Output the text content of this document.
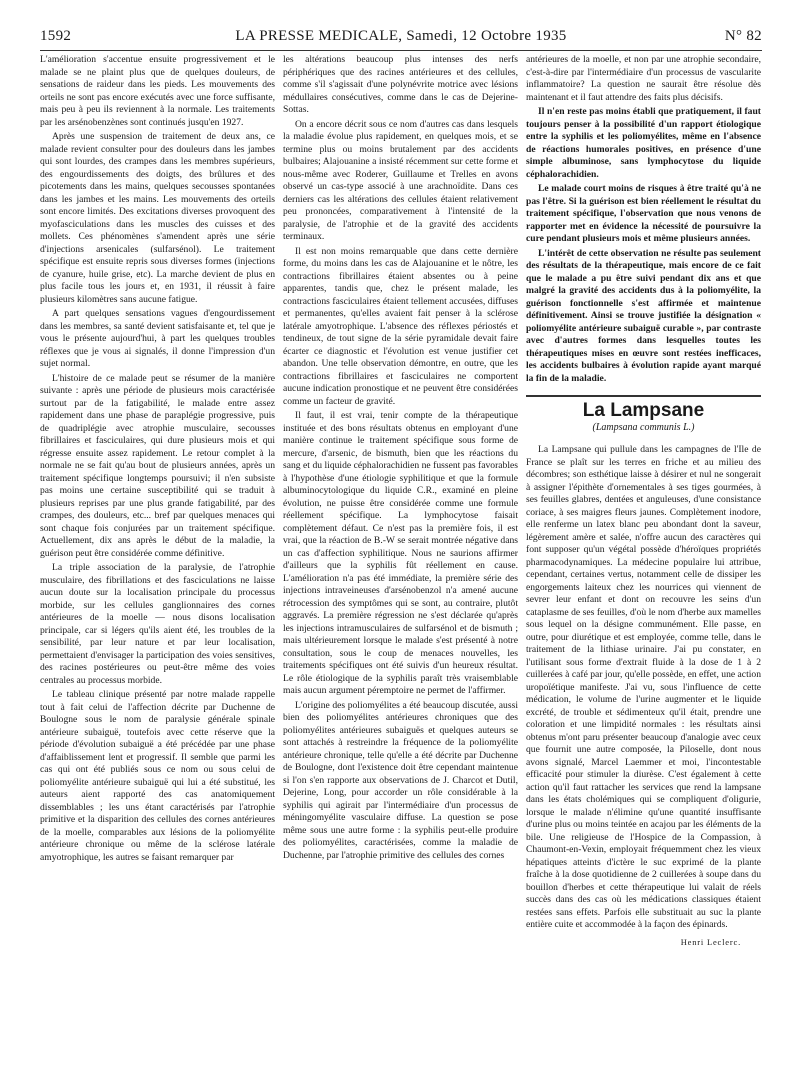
1592	LA PRESSE MEDICALE, Samedi, 12 Octobre 1935	N° 82

L'amélioration s'accentue ensuite progressivement et le malade se ne plaint plus que de quelques douleurs, de sensations de raideur dans les pieds. Les mouvements des orteils ne sont pas encore exécutés avec une force suffisante, mais peu à peu ils reviennent à la normale. Les traitements par les arsénobenzènes sont continués jusqu'en 1927.

Après une suspension de traitement de deux ans, ce malade revient consulter pour des douleurs dans les jambes qui sont lourdes, des crampes dans les membres supérieurs, des engourdissements des doigts, des brûlures et des picotements dans les mains, quelques secousses spontanées dans les jambes et les mains. Les mouvements des orteils sont encore limités. Des excitations diverses provoquent des myofasciculations dans les muscles des cuisses et des mollets. Ces phénomènes s'amendent après une série d'injections arsenicales (sulfarsénol). Le traitement spécifique est ensuite repris sous diverses formes (injections de cyanure, huile grise, etc). La marche devient de plus en plus facile tous les jours et, en 1931, il réussit à faire plusieurs kilomètres sans aucune fatigue.

A part quelques sensations vagues d'engourdissement dans les membres, sa santé devient satisfaisante et, tel que je vous le présente aujourd'hui, à part les quelques troubles réflexes que je vous ai signalés, il donne l'impression d'un sujet normal.

L'histoire de ce malade peut se résumer de la manière suivante : après une période de plusieurs mois caractérisée surtout par de la fatigabilité, le malade entre assez rapidement dans une phase de paraplégie progressive, puis de quadriplégie avec atrophie musculaire, secousses fibrillaires et fasciculaires, qui dure plusieurs mois et qui régresse ensuite assez rapidement. Le retour complet à la normale ne se fait qu'au bout de plusieurs années, après un traitement spécifique longtemps poursuivi; il n'en subsiste pas moins une certaine susceptibilité qui se traduit à plusieurs reprises par une plus grande fatigabilité, par des crampes, des douleurs, etc... bref par quelques menaces qui sont chaque fois conjurées par un traitement spécifique. Actuellement, dix ans après le début de la maladie, la guérison peut être considérée comme définitive.

La triple association de la paralysie, de l'atrophie musculaire, des fibrillations et des fasciculations ne laisse aucun doute sur la localisation principale du processus morbide, sur les cellules ganglionnaires des cornes antérieures de la moelle — nous disons localisation principale, car si légers qu'ils aient été, les troubles de la sensibilité, par leur nature et par leur localisation, permettaient d'envisager la participation des voies sensitives, des racines postérieures ou peut-être même des voies centrales au processus morbide.

Le tableau clinique présenté par notre malade rappelle tout à fait celui de l'affection décrite par Duchenne de Boulogne sous le nom de paralysie générale spinale antérieure subaiguë, toutefois avec cette réserve que la période d'évolution subaiguë a été précédée par une phase d'affaiblissement lent et progressif. Il semble que parmi les cas qui ont été publiés sous ce nom ou sous celui de poliomyélite antérieure subaiguë qui lui a été substitué, les auteurs aient rapporté des cas anatomiquement dissemblables ; les uns étant caractérisés par l'atrophie primitive et la disparition des cellules des cornes antérieures de la moelle, comparables aux lésions de la poliomyélite antérieure chronique ou même de la sclérose latérale amyotrophique, les autres se faisant remarquer par

les altérations beaucoup plus intenses des nerfs périphériques que des racines antérieures et des cellules, comme s'il s'agissait d'une polynévrite motrice avec lésions médullaires consécutives, comme dans le cas de Dejerine-Sottas.

On a encore décrit sous ce nom d'autres cas dans lesquels la maladie évolue plus rapidement, en quelques mois, et se termine plus ou moins brutalement par des accidents bulbaires; Alajouanine a insisté récemment sur cette forme et nous-même avec Roderer, Guillaume et Trelles en avons observé un cas-type associé à une arachnoïdite. Dans ces derniers cas les altérations des cellules étaient relativement peu prononcées, comparativement à l'intensité de la paralysie, de l'atrophie et de la gravité des accidents terminaux.

Il est non moins remarquable que dans cette dernière forme, du moins dans les cas de Alajouanine et le nôtre, les contractions fibrillaires étaient absentes ou à peine apparentes, tandis que, chez le présent malade, les contractions fasciculaires étaient tellement accusées, diffuses et permanentes, qu'elles avaient fait penser à la sclérose latérale amyotrophique. L'absence des réflexes périostés et tendineux, de tout signe de la série pyramidale devait faire écarter ce diagnostic et l'évolution est venue justifier cet abandon. Une telle observation démontre, en outre, que les contractions fibrillaires et fasciculaires ne comportent aucune indication pronostique et ne peuvent être considérées comme un facteur de gravité.

Il faut, il est vrai, tenir compte de la thérapeutique instituée et des bons résultats obtenus en employant d'une manière continue le traitement spécifique sous forme de mercure, d'arsenic, de bismuth, bien que les réactions du sang et du liquide céphalorachidien ne fussent pas favorables à l'hypothèse d'une étiologie syphilitique et que la formule albuminocytologique du liquide C.R., examiné en pleine évolution, ne puisse être considérée comme une formule réellement spécifique. La lymphocytose faisait complètement défaut. Ce n'est pas la première fois, il est vrai, que la réaction de B.-W se serait montrée négative dans un cas d'affection syphilitique. Nous ne saurions affirmer d'ailleurs que la syphilis fût réellement en cause. L'amélioration n'a pas été immédiate, la première série des injections intraveineuses d'arsénobenzol n'a amené aucune rétrocession des symptômes qui se sont, au contraire, plutôt aggravés. La première régression ne s'est déclarée qu'après les injections intramusculaires de sulfarsénol et de bismuth ; mais ultérieurement lorsque le malade s'est présenté à notre consultation, sous le coup de menaces nouvelles, les traitements spécifiques ont été suivis d'un heureux résultat. Le rôle étiologique de la syphilis paraît très vraisemblable mais aucun argument péremptoire ne permet de l'affirmer.

L'origine des poliomyélites a été beaucoup discutée, aussi bien des poliomyélites antérieures chroniques que des poliomyélites antérieures subaiguës et quelques auteurs se sont attachés à restreindre la fréquence de la poliomyélite antérieure chronique, telle qu'elle a été décrite par Duchenne de Boulogne, dont l'existence doit être cependant maintenue si l'on s'en rapporte aux observations de J. Charcot et Dutil, Dejerine, Long, pour accorder un rôle considérable à la syphilis qui agirait par l'intermédiaire d'un processus de méningomyélite vasculaire diffuse. La question se pose même sous une autre forme : la syphilis peut-elle produire des poliomyélites, caractérisées, comme la maladie de Duchenne, par l'atrophie primitive des cellules des cornes

antérieures de la moelle, et non par une atrophie secondaire, c'est-à-dire par l'intermédiaire d'un processus de vascularite inflammatoire? La question ne saurait être résolue dès maintenant et il faut attendre des faits plus décisifs.

Il n'en reste pas moins établi que pratiquement, il faut toujours penser à la possibilité d'un rapport étiologique entre la syphilis et les poliomyélites, même en l'absence de réactions humorales positives, en présence d'une simple albuminose, sans lymphocytose du liquide céphalorachidien.

Le malade court moins de risques à être traité qu'à ne pas l'être. Si la guérison est bien réellement le résultat du traitement spécifique, l'observation que nous venons de rapporter met en évidence la nécessité de poursuivre la cure pendant plusieurs mois et même plusieurs années.

L'intérêt de cette observation ne résulte pas seulement des résultats de la thérapeutique, mais encore de ce fait que le malade a pu être suivi pendant dix ans et que malgré la gravité des accidents dus à la poliomyélite, la guérison fonctionnelle s'est affirmée et maintenue définitivement. Ainsi se trouve justifiée la désignation « poliomyélite antérieure subaiguë curable », par contraste avec d'autres formes dans lesquelles toutes les thérapeutiques mises en œuvre sont restées inefficaces, les accidents bulbaires à évolution rapide ayant marqué la fin de la maladie.

La Lampsane
(Lampsana communis L.)

La Lampsane qui pullule dans les campagnes de l'Ile de France se plaît sur les terres en friche et au milieu des décombres; son esthétique laisse à désirer et nul ne songerait à assigner l'épithète d'ornementales à ses tiges gourmées, à ses feuilles glabres, dentées et anguleuses, d'une consistance coriace, à ses maigres fleurs jaunes. Complètement inodore, elle renferme un latex blanc peu abondant dont la saveur, légèrement amère et salée, n'offre aucun des caractères qui font supposer qu'un végétal possède d'héroïques propriétés pharmacodynamiques. La médecine populaire lui attribue, cependant, certaines vertus, notamment celle de dissiper les engorgements laiteux chez les nourrices qui viennent de sevrer leur enfant et dont on recouvre les seins d'un cataplasme de ses feuilles, d'où le nom d'herbe aux mamelles sous lequel on la désigne communément. Elle passe, en outre, pour diurétique et est employée, comme telle, dans le traitement de la lithiase urinaire. J'ai pu constater, en l'utilisant sous forme d'extrait fluide à la dose de 1 à 2 cuillerées à café par jour, qu'elle possède, en effet, une action uropoïétique manifeste. J'ai vu, sous l'influence de cette médication, le volume de l'urine augmenter et le liquide excrété, de trouble et sédimenteux qu'il était, prendre une coloration et une limpidité normales : les résultats ainsi obtenus m'ont paru présenter beaucoup d'analogie avec ceux que fournit une autre composée, la Piloselle, dont nous avons signalé, Marcel Laemmer et moi, l'incontestable efficacité pour stimuler la diurèse. C'est également à cette action qu'il faut rattacher les services que rend la lampsane dans les états cholémiques qui se compliquent d'oligurie, lorsque le malade n'élimine qu'une quantité insuffisante d'urine plus ou moins teintée en acajou par les éléments de la bile. Une religieuse de l'Hospice de la Compassion, à Chaumont-en-Vexin, employait fréquemment chez les vieux hépatiques atteints d'ictère le suc exprimé de la plante fraîche à la dose quotidienne de 2 cuillerées à soupe dans du bouillon d'herbes et cette thérapeutique lui valait de réels succès dans des cas où les médications classiques étaient restées sans effets. Parfois elle substituait au suc la plante entière cuite et accommodée à la façon des épinards.

Henri Leclerc.
